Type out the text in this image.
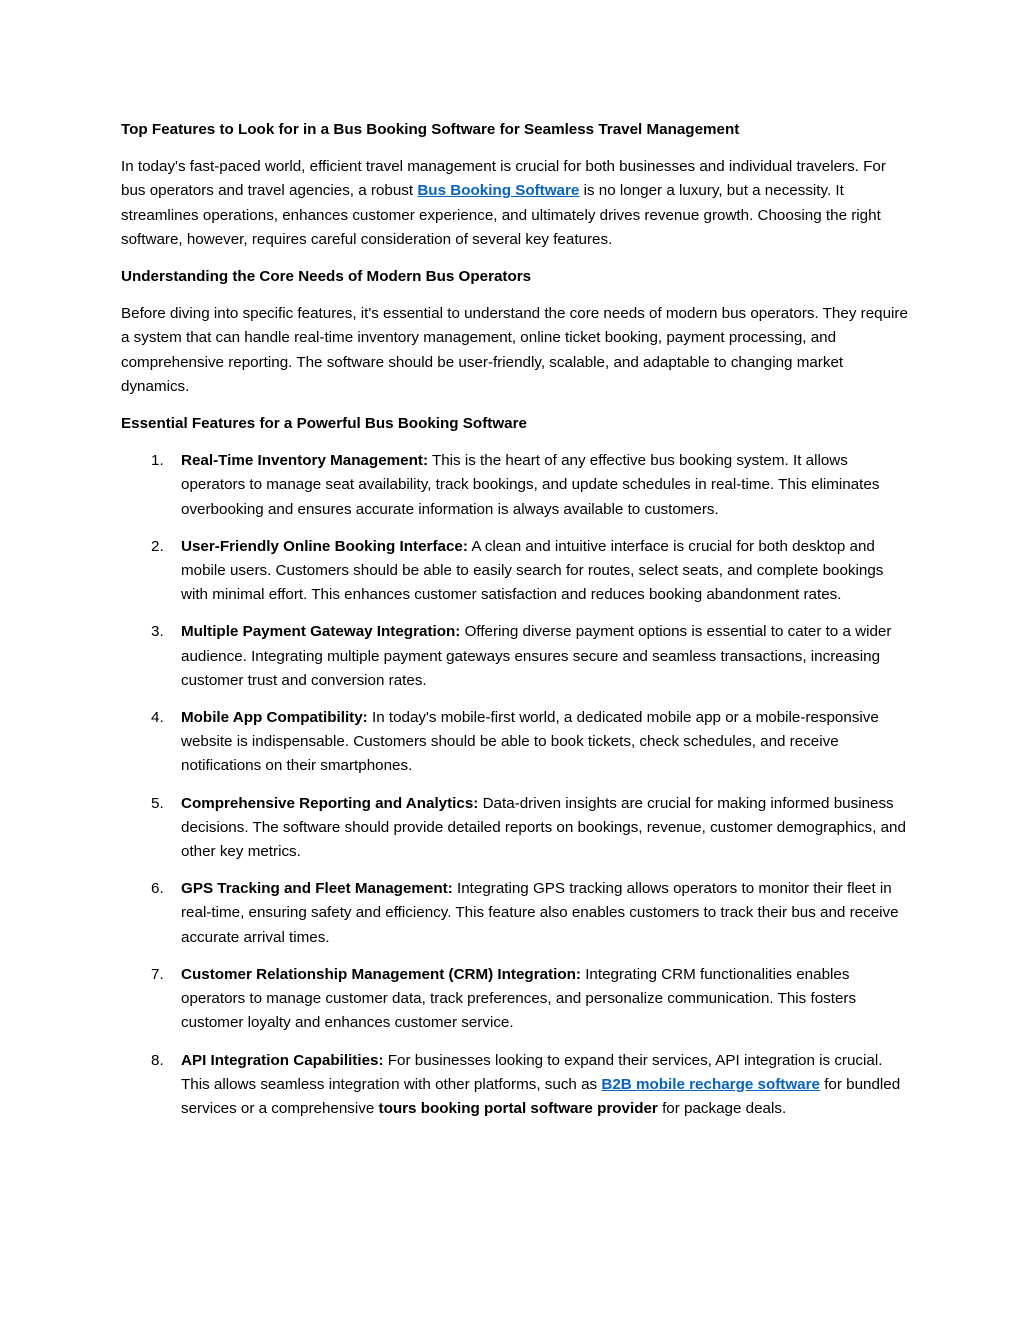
Top Features to Look for in a Bus Booking Software for Seamless Travel Management

In today's fast-paced world, efficient travel management is crucial for both businesses and individual travelers. For bus operators and travel agencies, a robust Bus Booking Software is no longer a luxury, but a necessity. It streamlines operations, enhances customer experience, and ultimately drives revenue growth. Choosing the right software, however, requires careful consideration of several key features.

Understanding the Core Needs of Modern Bus Operators

Before diving into specific features, it's essential to understand the core needs of modern bus operators. They require a system that can handle real-time inventory management, online ticket booking, payment processing, and comprehensive reporting. The software should be user-friendly, scalable, and adaptable to changing market dynamics.

Essential Features for a Powerful Bus Booking Software
1. Real-Time Inventory Management: This is the heart of any effective bus booking system. It allows operators to manage seat availability, track bookings, and update schedules in real-time. This eliminates overbooking and ensures accurate information is always available to customers.
2. User-Friendly Online Booking Interface: A clean and intuitive interface is crucial for both desktop and mobile users. Customers should be able to easily search for routes, select seats, and complete bookings with minimal effort. This enhances customer satisfaction and reduces booking abandonment rates.
3. Multiple Payment Gateway Integration: Offering diverse payment options is essential to cater to a wider audience. Integrating multiple payment gateways ensures secure and seamless transactions, increasing customer trust and conversion rates.
4. Mobile App Compatibility: In today's mobile-first world, a dedicated mobile app or a mobile-responsive website is indispensable. Customers should be able to book tickets, check schedules, and receive notifications on their smartphones.
5. Comprehensive Reporting and Analytics: Data-driven insights are crucial for making informed business decisions. The software should provide detailed reports on bookings, revenue, customer demographics, and other key metrics.
6. GPS Tracking and Fleet Management: Integrating GPS tracking allows operators to monitor their fleet in real-time, ensuring safety and efficiency. This feature also enables customers to track their bus and receive accurate arrival times.
7. Customer Relationship Management (CRM) Integration: Integrating CRM functionalities enables operators to manage customer data, track preferences, and personalize communication. This fosters customer loyalty and enhances customer service.
8. API Integration Capabilities: For businesses looking to expand their services, API integration is crucial. This allows seamless integration with other platforms, such as B2B mobile recharge software for bundled services or a comprehensive tours booking portal software provider for package deals.
